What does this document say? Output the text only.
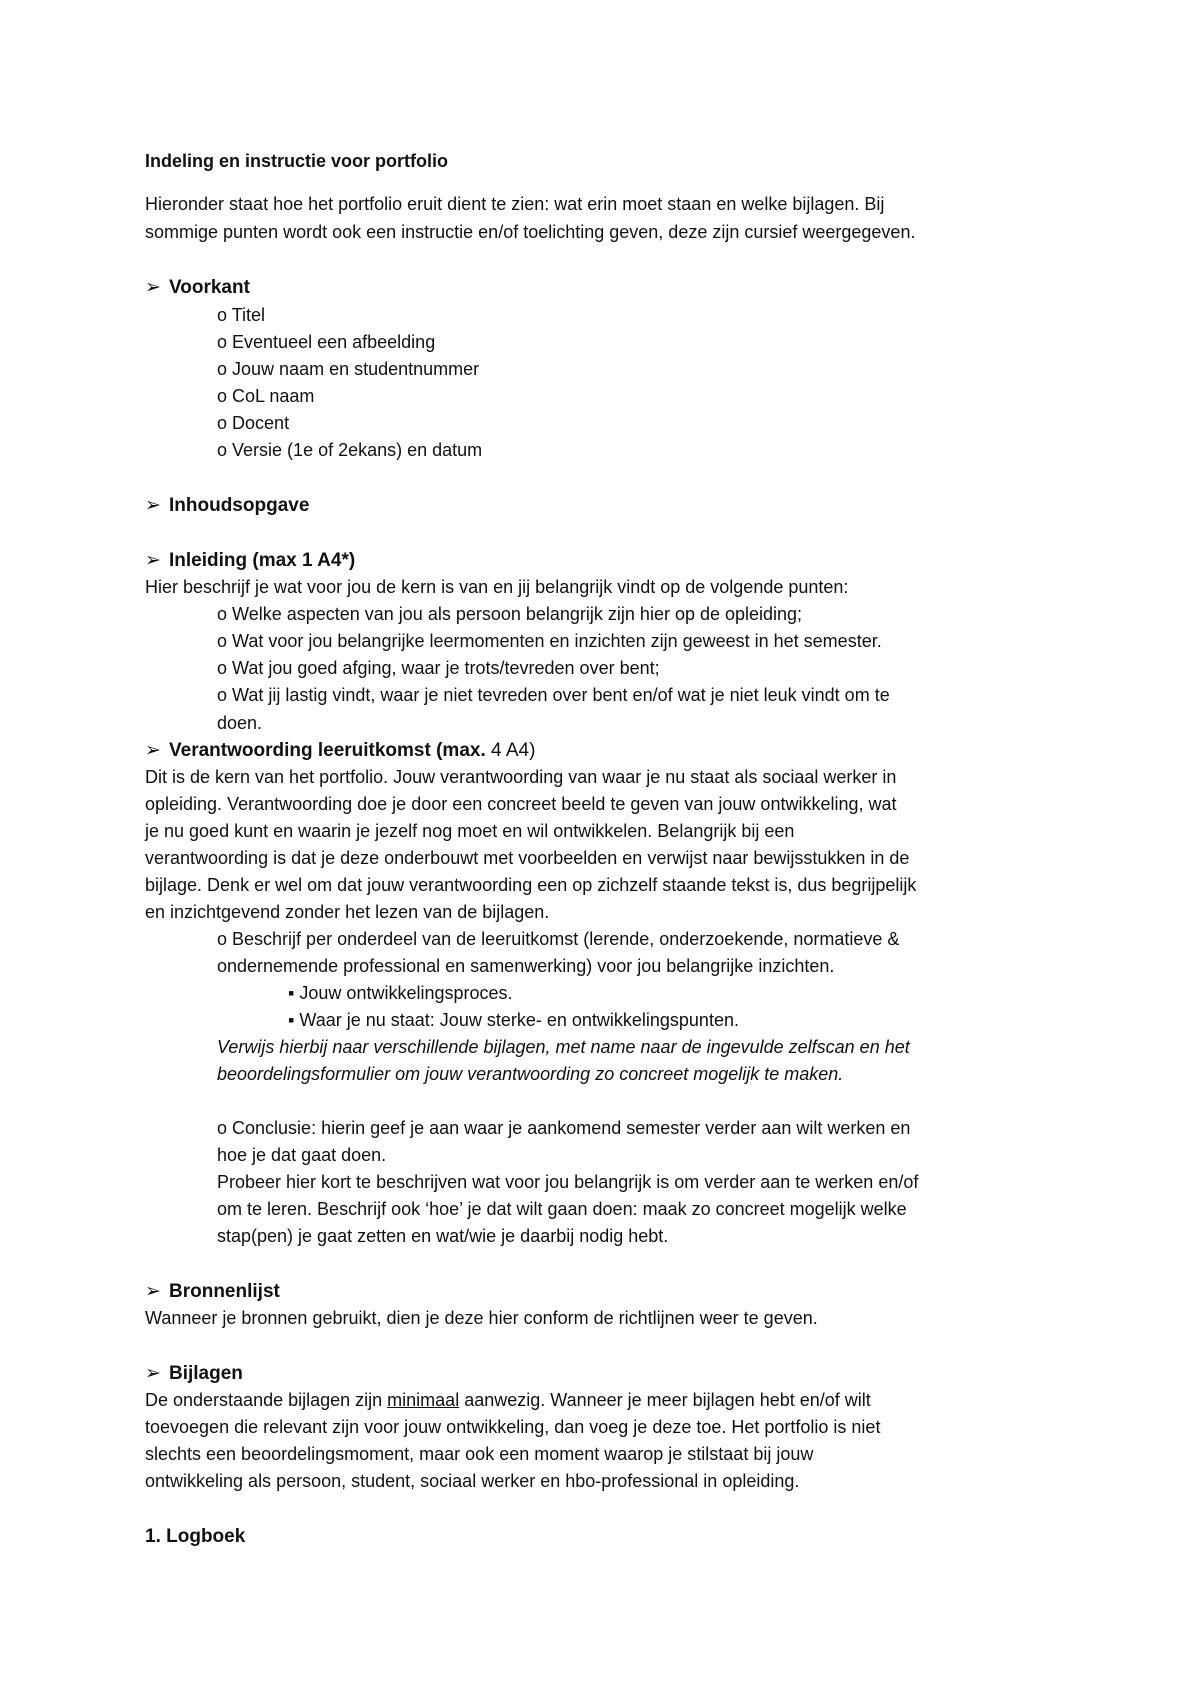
Indeling en instructie voor portfolio
Hieronder staat hoe het portfolio eruit dient te zien: wat erin moet staan en welke bijlagen. Bij
sommige punten wordt ook een instructie en/of toelichting geven, deze zijn cursief weergegeven.
➢ Voorkant
o Titel
o Eventueel een afbeelding
o Jouw naam en studentnummer
o CoL naam
o Docent
o Versie (1e of 2ekans) en datum
➢ Inhoudsopgave
➢ Inleiding (max 1 A4*)
Hier beschrijf je wat voor jou de kern is van en jij belangrijk vindt op de volgende punten:
o Welke aspecten van jou als persoon belangrijk zijn hier op de opleiding;
o Wat voor jou belangrijke leermomenten en inzichten zijn geweest in het semester.
o Wat jou goed afging, waar je trots/tevreden over bent;
o Wat jij lastig vindt, waar je niet tevreden over bent en/of wat je niet leuk vindt om te
doen.
➢ Verantwoording leeruitkomst (max. 4 A4)
Dit is de kern van het portfolio. Jouw verantwoording van waar je nu staat als sociaal werker in
opleiding. Verantwoording doe je door een concreet beeld te geven van jouw ontwikkeling, wat
je nu goed kunt en waarin je jezelf nog moet en wil ontwikkelen. Belangrijk bij een
verantwoording is dat je deze onderbouwt met voorbeelden en verwijst naar bewijsstukken in de
bijlage. Denk er wel om dat jouw verantwoording een op zichzelf staande tekst is, dus begrijpelijk
en inzichtgevend zonder het lezen van de bijlagen.
o Beschrijf per onderdeel van de leeruitkomst (lerende, onderzoekende, normatieve &
ondernemende professional en samenwerking) voor jou belangrijke inzichten.
▪ Jouw ontwikkelingsproces.
▪ Waar je nu staat: Jouw sterke- en ontwikkelingspunten.
Verwijs hierbij naar verschillende bijlagen, met name naar de ingevulde zelfscan en het
beoordelingsformulier om jouw verantwoording zo concreet mogelijk te maken.
o Conclusie: hierin geef je aan waar je aankomend semester verder aan wilt werken en
hoe je dat gaat doen.
Probeer hier kort te beschrijven wat voor jou belangrijk is om verder aan te werken en/of
om te leren. Beschrijf ook ‘hoe’ je dat wilt gaan doen: maak zo concreet mogelijk welke
stap(pen) je gaat zetten en wat/wie je daarbij nodig hebt.
➢ Bronnenlijst
Wanneer je bronnen gebruikt, dien je deze hier conform de richtlijnen weer te geven.
➢ Bijlagen
De onderstaande bijlagen zijn minimaal aanwezig. Wanneer je meer bijlagen hebt en/of wilt
toevoegen die relevant zijn voor jouw ontwikkeling, dan voeg je deze toe. Het portfolio is niet
slechts een beoordelingsmoment, maar ook een moment waarop je stilstaat bij jouw
ontwikkeling als persoon, student, sociaal werker en hbo-professional in opleiding.
1. Logboek
